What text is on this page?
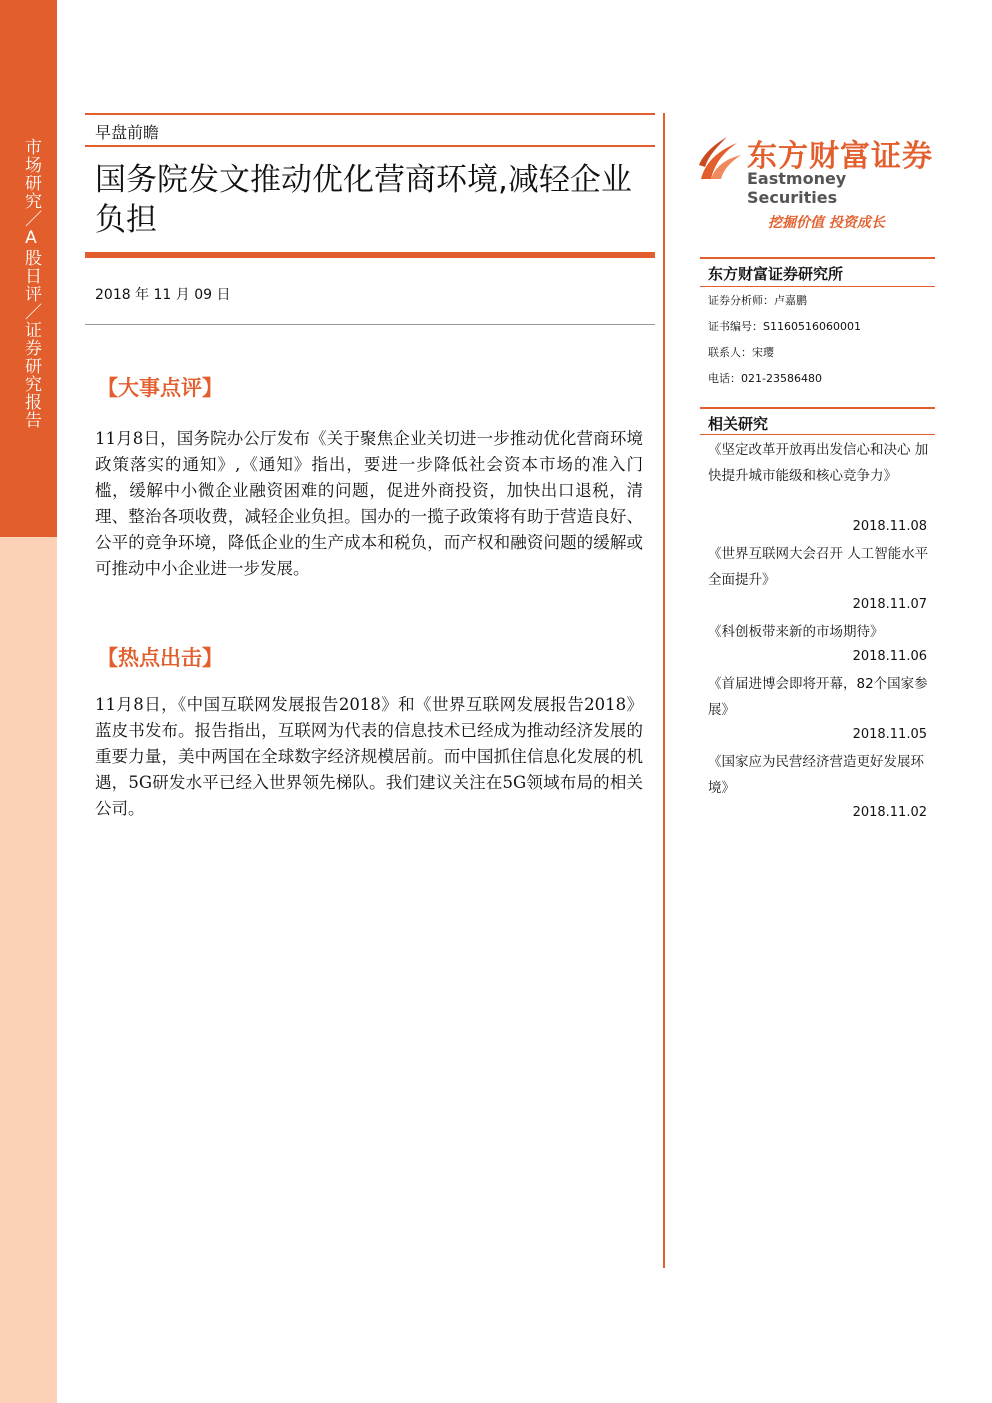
市场研究／A股日评／证券研究报告
早盘前瞻
国务院发文推动优化营商环境,减轻企业负担
2018 年 11 月 09 日
【大事点评】
11月8日，国务院办公厅发布《关于聚焦企业关切进一步推动优化营商环境政策落实的通知》,《通知》指出，要进一步降低社会资本市场的准入门槛，缓解中小微企业融资困难的问题，促进外商投资，加快出口退税，清理、整治各项收费，减轻企业负担。国办的一揽子政策将有助于营造良好、公平的竞争环境，降低企业的生产成本和税负，而产权和融资问题的缓解或可推动中小企业进一步发展。
【热点出击】
11月8日，《中国互联网发展报告2018》和《世界互联网发展报告2018》蓝皮书发布。报告指出，互联网为代表的信息技术已经成为推动经济发展的重要力量，美中两国在全球数字经济规模居前。而中国抓住信息化发展的机遇，5G研发水平已经入世界领先梯队。我们建议关注在5G领域布局的相关公司。
东方财富证券
Eastmoney Securities
挖掘价值 投资成长
东方财富证券研究所
证券分析师：卢嘉鹏
证书编号：S1160516060001
联系人：宋璎
电话：021-23586480
相关研究
《坚定改革开放再出发信心和决心 加快提升城市能级和核心竞争力》
2018.11.08
《世界互联网大会召开 人工智能水平全面提升》
2018.11.07
《科创板带来新的市场期待》
2018.11.06
《首届进博会即将开幕，82个国家参展》
2018.11.05
《国家应为民营经济营造更好发展环境》
2018.11.02
